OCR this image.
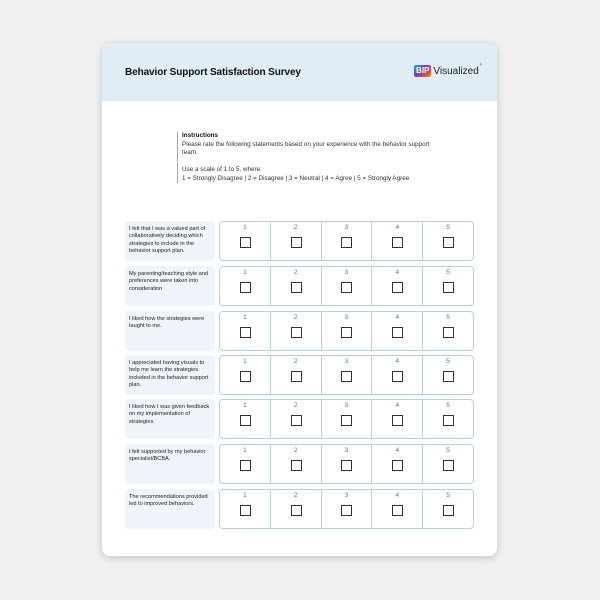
Behavior Support Satisfaction Survey	BIP Visualized
✦
Instructions
Please rate the following statements based on your experience with the behavior support team.
Use a scale of 1 to 5, where:
1 = Strongly Disagree | 2 = Disagree | 3 = Neutral | 4 = Agree | 5 = Strongly Agree
I felt that I was a valued part of collaboratively deciding which strategies to include in the behavior support plan.
1	2	3	4	5
My parenting/teaching style and preferences were taken into consideration
1	2	3	4	5
I liked how the strategies were taught to me.
1	2	3	4	5
I appreciated having visuals to help me learn the strategies included in the behavior support plan.
1	2	3	4	5
I liked how I was given feedback on my implementation of strategies.
1	2	3	4	5
I felt supported by my behavior specialist/BCBA.
1	2	3	4	5
The recommendations provided led to improved behaviors.
1	2	3	4	5
